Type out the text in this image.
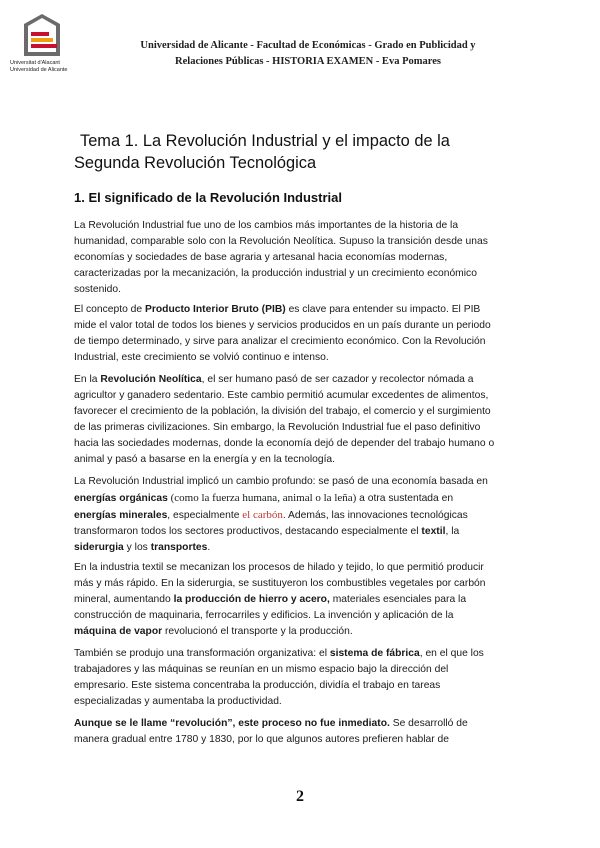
Universitat d'Alacant
Universidad de Alicante
Universidad de Alicante - Facultad de Económicas - Grado en Publicidad y
Relaciones Públicas - HISTORIA EXAMEN - Eva Pomares
Tema 1. La Revolución Industrial y el impacto de la
Segunda Revolución Tecnológica
1. El significado de la Revolución Industrial
La Revolución Industrial fue uno de los cambios más importantes de la historia de la
humanidad, comparable solo con la Revolución Neolítica. Supuso la transición desde unas
economías y sociedades de base agraria y artesanal hacia economías modernas,
caracterizadas por la mecanización, la producción industrial y un crecimiento económico
sostenido.
El concepto de Producto Interior Bruto (PIB) es clave para entender su impacto. El PIB
mide el valor total de todos los bienes y servicios producidos en un país durante un periodo
de tiempo determinado, y sirve para analizar el crecimiento económico. Con la Revolución
Industrial, este crecimiento se volvió continuo e intenso.
En la Revolución Neolítica, el ser humano pasó de ser cazador y recolector nómada a
agricultor y ganadero sedentario. Este cambio permitió acumular excedentes de alimentos,
favorecer el crecimiento de la población, la división del trabajo, el comercio y el surgimiento
de las primeras civilizaciones. Sin embargo, la Revolución Industrial fue el paso definitivo
hacia las sociedades modernas, donde la economía dejó de depender del trabajo humano o
animal y pasó a basarse en la energía y en la tecnología.
La Revolución Industrial implicó un cambio profundo: se pasó de una economía basada en
energías orgánicas (como la fuerza humana, animal o la leña) a otra sustentada en
energías minerales, especialmente el carbón. Además, las innovaciones tecnológicas
transformaron todos los sectores productivos, destacando especialmente el textil, la
siderurgia y los transportes.
En la industria textil se mecanizan los procesos de hilado y tejido, lo que permitió producir
más y más rápido. En la siderurgia, se sustituyeron los combustibles vegetales por carbón
mineral, aumentando la producción de hierro y acero, materiales esenciales para la
construcción de maquinaria, ferrocarriles y edificios. La invención y aplicación de la
máquina de vapor revolucionó el transporte y la producción.
También se produjo una transformación organizativa: el sistema de fábrica, en el que los
trabajadores y las máquinas se reunían en un mismo espacio bajo la dirección del
empresario. Este sistema concentraba la producción, dividía el trabajo en tareas
especializadas y aumentaba la productividad.
Aunque se le llame “revolución”, este proceso no fue inmediato. Se desarrolló de
manera gradual entre 1780 y 1830, por lo que algunos autores prefieren hablar de
2
